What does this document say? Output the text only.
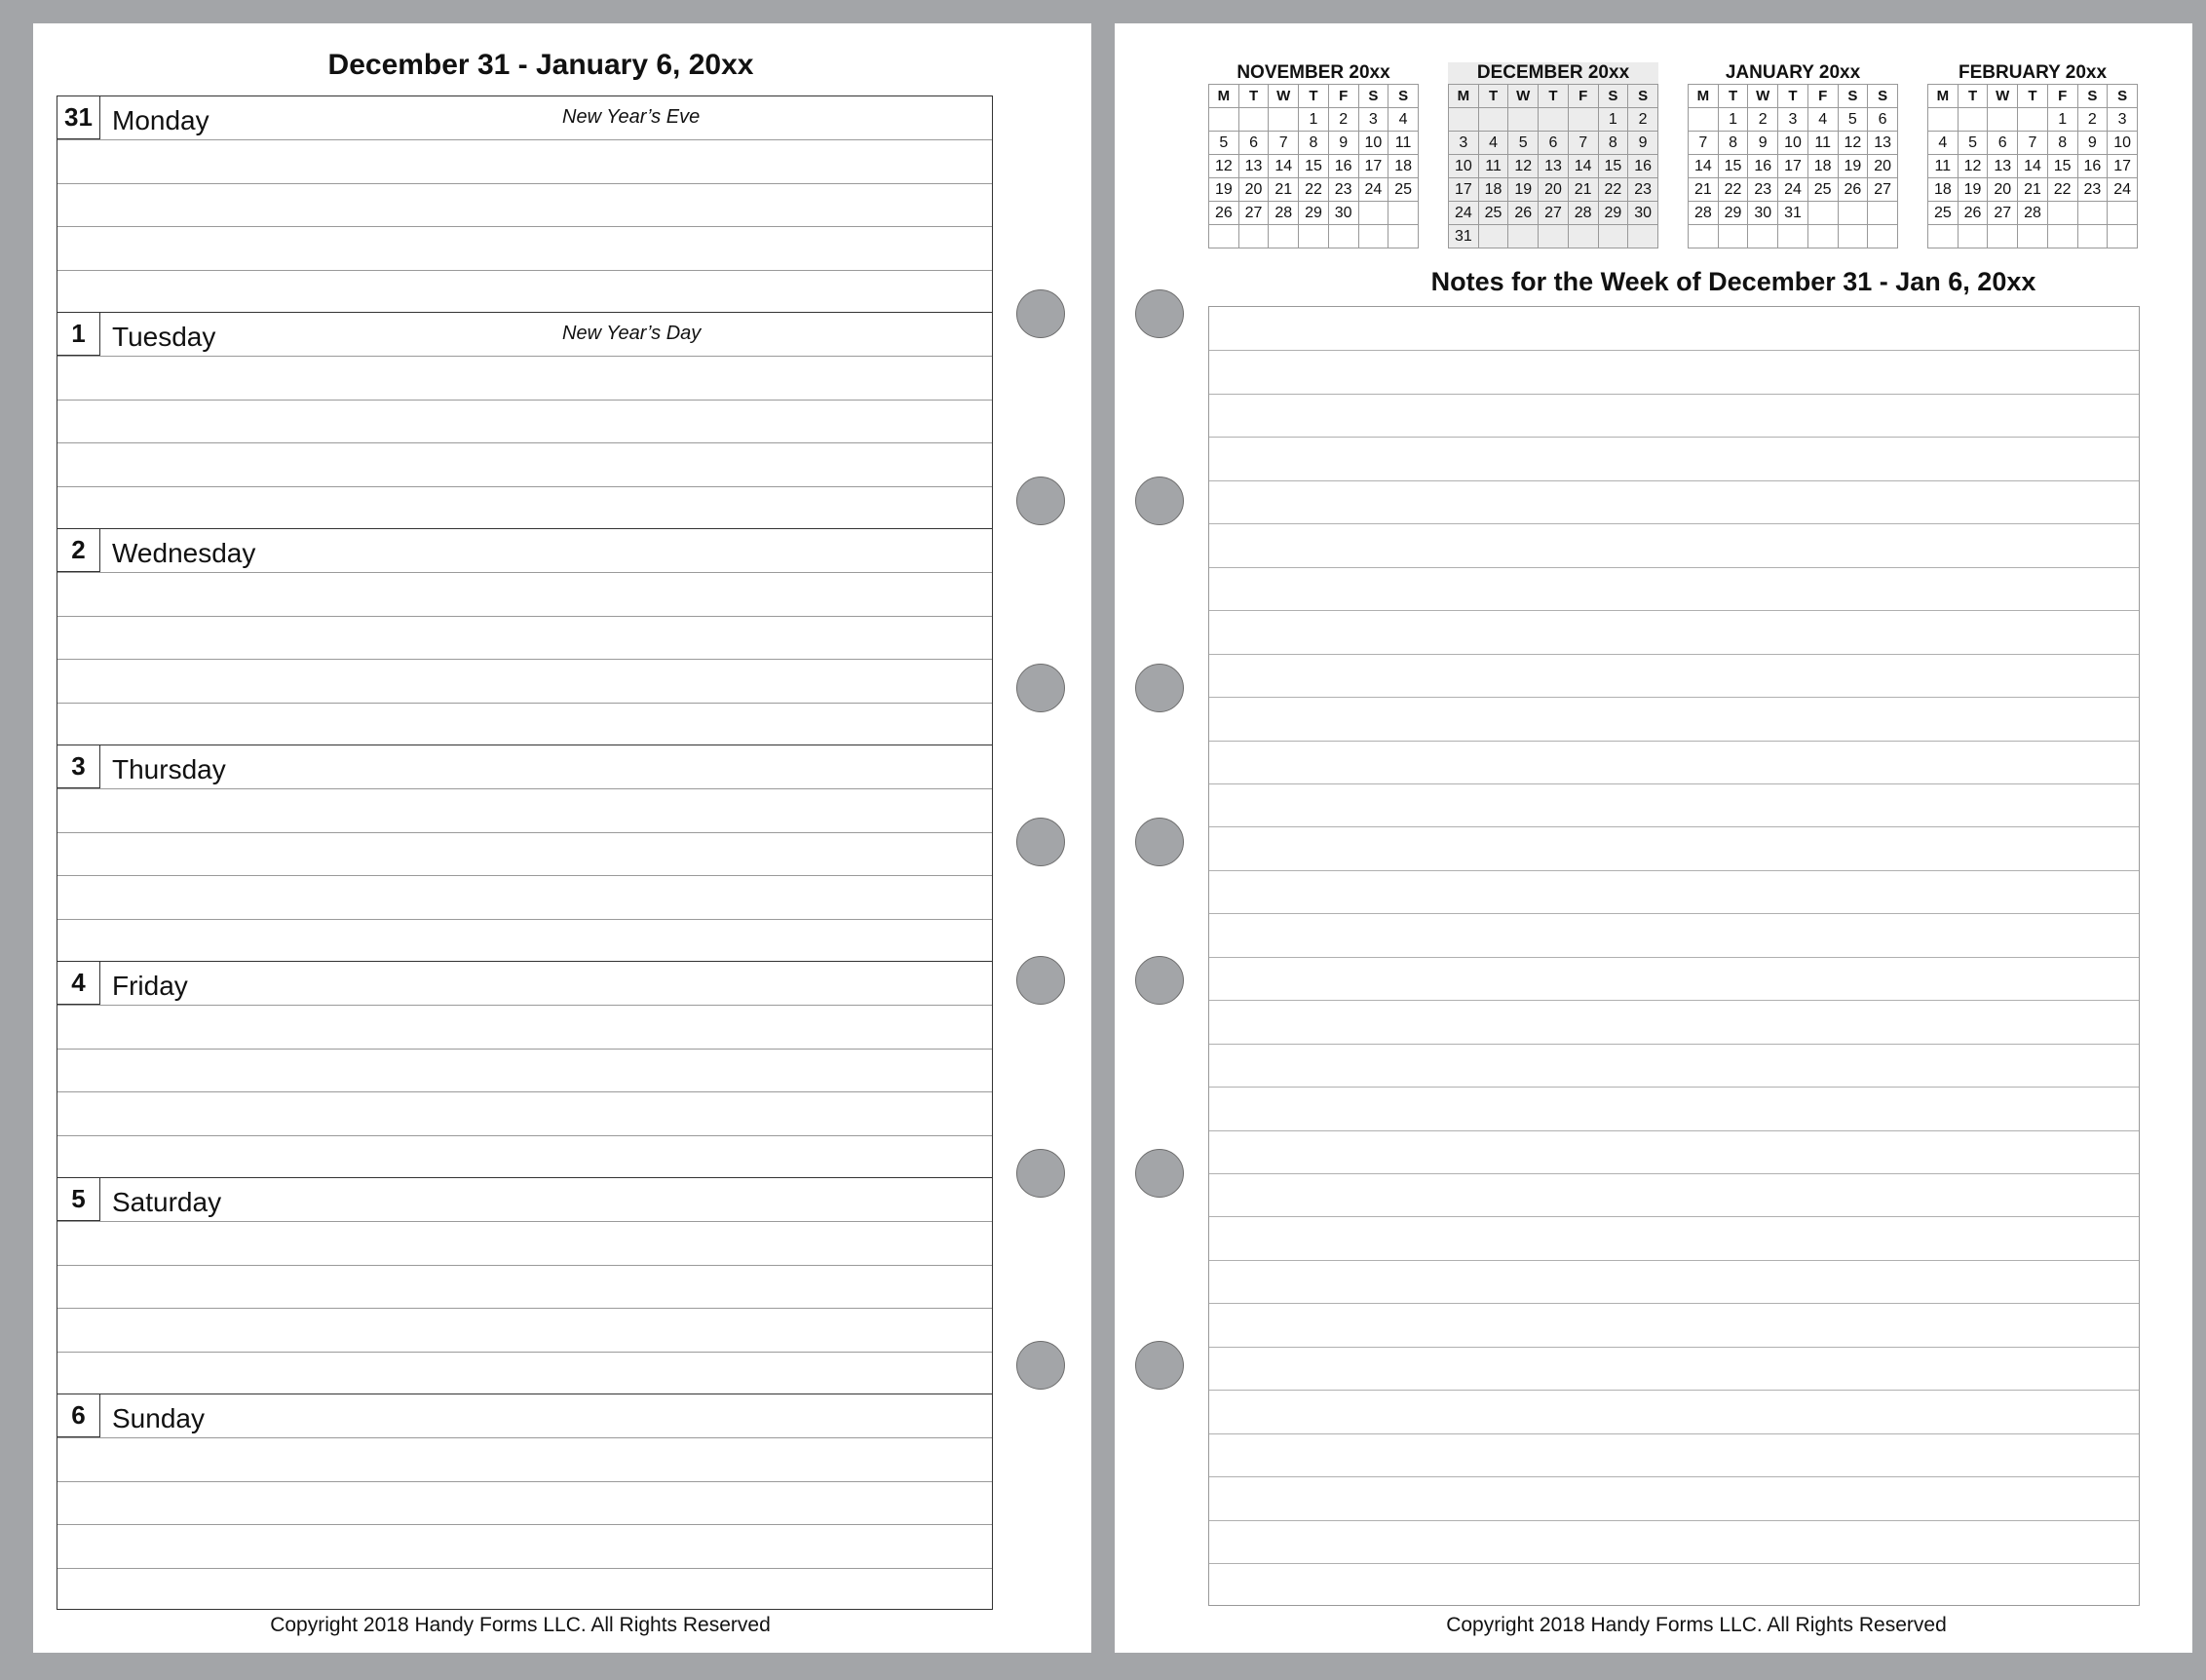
December 31 - January 6, 20xx
31 Monday	New Year’s Eve
1 Tuesday	New Year’s Day
2 Wednesday
3 Thursday
4 Friday
5 Saturday
6 Sunday
Copyright 2018 Handy Forms LLC. All Rights Reserved
NOVEMBER 20xx
M	T	W	T	F	S	S
			1	2	3	4
5	6	7	8	9	10	11
12	13	14	15	16	17	18
19	20	21	22	23	24	25
26	27	28	29	30		

DECEMBER 20xx
M	T	W	T	F	S	S
					1	2
3	4	5	6	7	8	9
10	11	12	13	14	15	16
17	18	19	20	21	22	23
24	25	26	27	28	29	30
31						
JANUARY 20xx
M	T	W	T	F	S	S
	1	2	3	4	5	6
7	8	9	10	11	12	13
14	15	16	17	18	19	20
21	22	23	24	25	26	27
28	29	30	31			

FEBRUARY 20xx
M	T	W	T	F	S	S
				1	2	3
4	5	6	7	8	9	10
11	12	13	14	15	16	17
18	19	20	21	22	23	24
25	26	27	28			

Notes for the Week of December 31 - Jan 6, 20xx
Copyright 2018 Handy Forms LLC. All Rights Reserved
